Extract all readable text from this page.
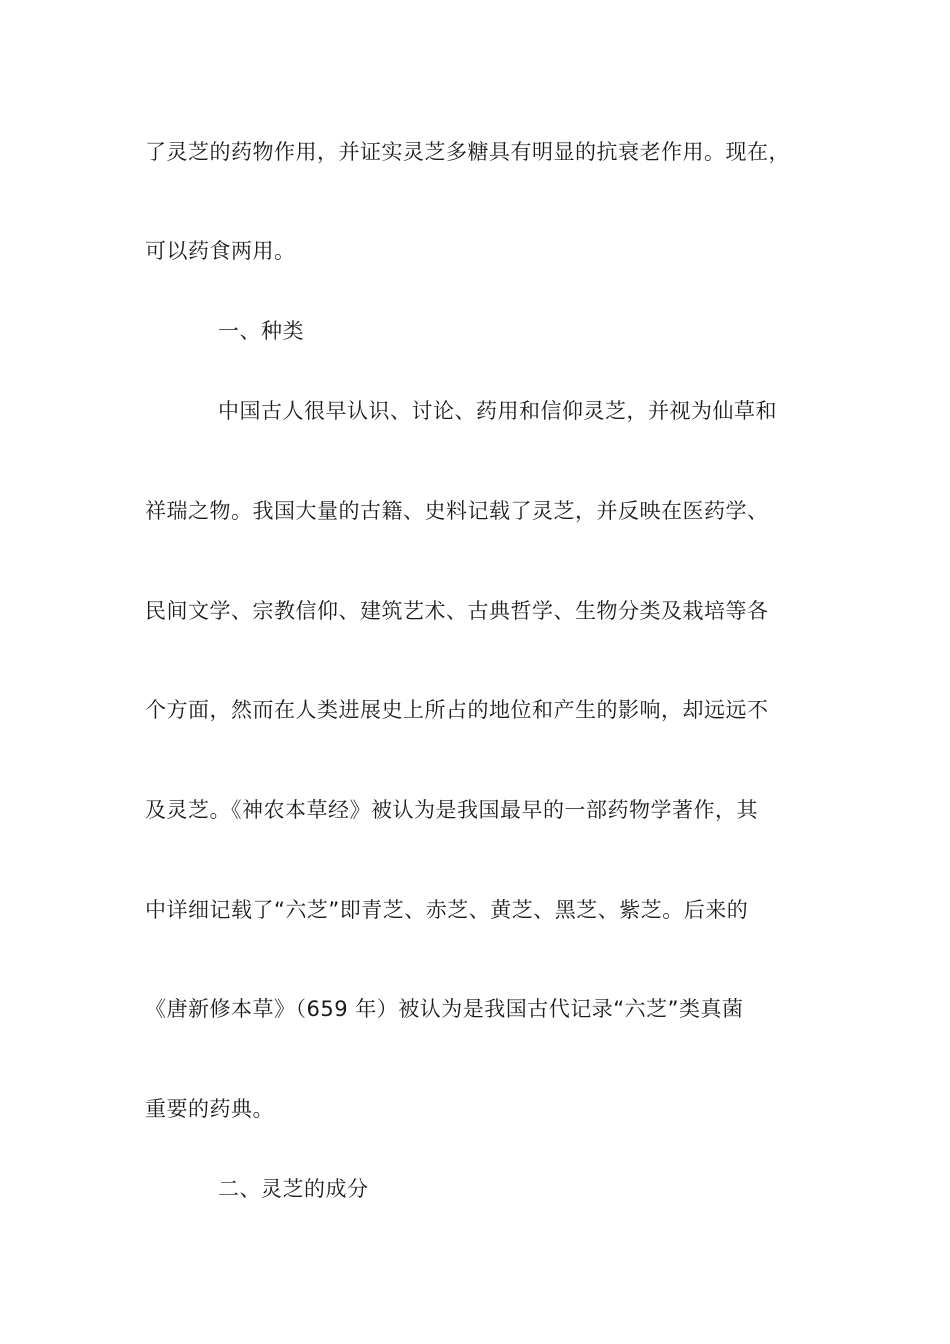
了灵芝的药物作用，并证实灵芝多糖具有明显的抗衰老作用。现在，
可以药食两用。
一、种类
中国古人很早认识、讨论、药用和信仰灵芝，并视为仙草和
祥瑞之物。我国大量的古籍、史料记载了灵芝，并反映在医药学、
民间文学、宗教信仰、建筑艺术、古典哲学、生物分类及栽培等各
个方面，然而在人类进展史上所占的地位和产生的影响，却远远不
及灵芝。《神农本草经》被认为是我国最早的一部药物学著作，其
中详细记载了“六芝”即青芝、赤芝、黄芝、黑芝、紫芝。后来的
《唐新修本草》（659 年）被认为是我国古代记录“六芝”类真菌
重要的药典。
二、灵芝的成分
